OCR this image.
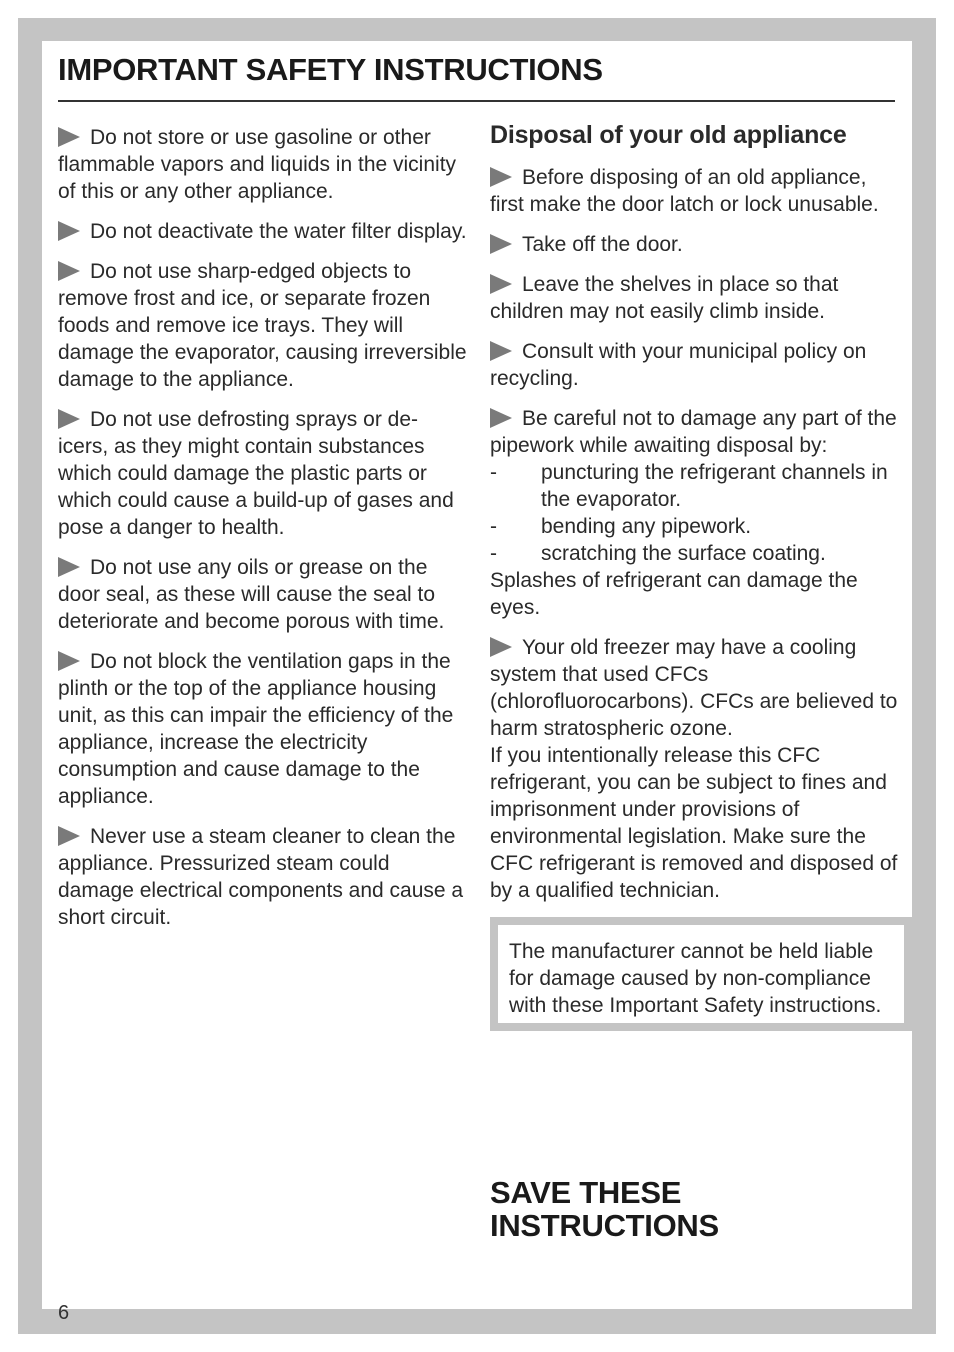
IMPORTANT SAFETY INSTRUCTIONS

Do not store or use gasoline or other flammable vapors and liquids in the vicinity of this or any other appliance.

Do not deactivate the water filter display.

Do not use sharp-edged objects to remove frost and ice, or separate frozen foods and remove ice trays. They will damage the evaporator, causing irreversible damage to the appliance.

Do not use defrosting sprays or de-icers, as they might contain substances which could damage the plastic parts or which could cause a build-up of gases and pose a danger to health.

Do not use any oils or grease on the door seal, as these will cause the seal to deteriorate and become porous with time.

Do not block the ventilation gaps in the plinth or the top of the appliance housing unit, as this can impair the efficiency of the appliance, increase the electricity consumption and cause damage to the appliance.

Never use a steam cleaner to clean the appliance. Pressurized steam could damage electrical components and cause a short circuit.

Disposal of your old appliance

Before disposing of an old appliance, first make the door latch or lock unusable.

Take off the door.

Leave the shelves in place so that children may not easily climb inside.

Consult with your municipal policy on recycling.

Be careful not to damage any part of the pipework while awaiting disposal by:

-	puncturing the refrigerant channels in the evaporator.
-	bending any pipework.
-	scratching the surface coating.

Splashes of refrigerant can damage the eyes.

Your old freezer may have a cooling system that used CFCs (chlorofluorocarbons). CFCs are believed to harm stratospheric ozone.

If you intentionally release this CFC refrigerant, you can be subject to fines and imprisonment under provisions of environmental legislation. Make sure the CFC refrigerant is removed and disposed of by a qualified technician.

The manufacturer cannot be held liable for damage caused by non-compliance with these Important Safety instructions.

SAVE THESE
INSTRUCTIONS
6
